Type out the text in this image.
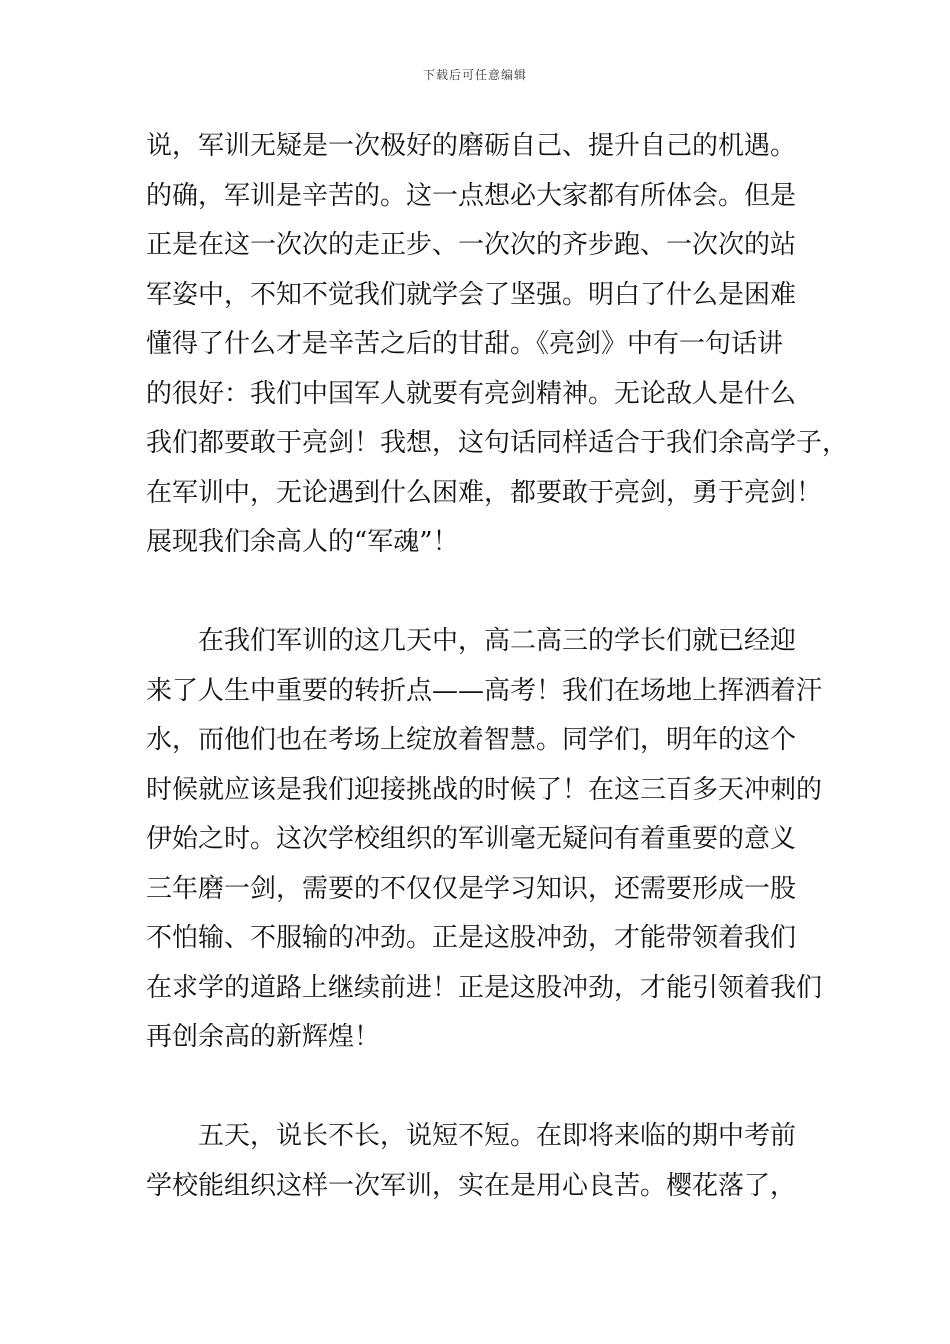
下载后可任意编辑
说，军训无疑是一次极好的磨砺自己、提升自己的机遇。
的确，军训是辛苦的。这一点想必大家都有所体会。但是
正是在这一次次的走正步、一次次的齐步跑、一次次的站
军姿中，不知不觉我们就学会了坚强。明白了什么是困难
懂得了什么才是辛苦之后的甘甜。《亮剑》中有一句话讲
的很好：我们中国军人就要有亮剑精神。无论敌人是什么
我们都要敢于亮剑！我想，这句话同样适合于我们余高学子，
在军训中，无论遇到什么困难，都要敢于亮剑，勇于亮剑！
展现我们余高人的“军魂”！
在我们军训的这几天中，高二高三的学长们就已经迎
来了人生中重要的转折点——高考！我们在场地上挥洒着汗
水，而他们也在考场上绽放着智慧。同学们，明年的这个
时候就应该是我们迎接挑战的时候了！在这三百多天冲刺的
伊始之时。这次学校组织的军训毫无疑问有着重要的意义
三年磨一剑，需要的不仅仅是学习知识，还需要形成一股
不怕输、不服输的冲劲。正是这股冲劲，才能带领着我们
在求学的道路上继续前进！正是这股冲劲，才能引领着我们
再创余高的新辉煌！
五天，说长不长，说短不短。在即将来临的期中考前
学校能组织这样一次军训，实在是用心良苦。樱花落了，
